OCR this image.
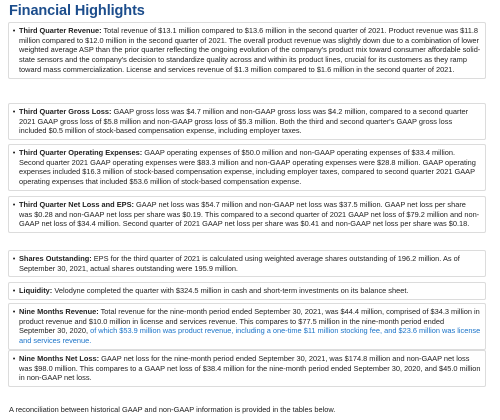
Financial Highlights
• Third Quarter Revenue: Total revenue of $13.1 million compared to $13.6 million in the second quarter of 2021. Product revenue was $11.8 million compared to $12.0 million in the second quarter of 2021. The overall product revenue was slightly down due to a combination of lower weighted average ASP than the prior quarter reflecting the ongoing evolution of the company's product mix toward consumer affordable solid-state sensors and the company's decision to standardize quality across and within its product lines, crucial for its customers as they ramp toward mass commercialization. License and services revenue of $1.3 million compared to $1.6 million in the second quarter of 2021.
• Third Quarter Gross Loss: GAAP gross loss was $4.7 million and non-GAAP gross loss was $4.2 million, compared to a second quarter 2021 GAAP gross loss of $5.8 million and non-GAAP gross loss of $5.3 million. Both the third and second quarter's GAAP gross loss included $0.5 million of stock-based compensation expense, including employer taxes.
• Third Quarter Operating Expenses: GAAP operating expenses of $50.0 million and non-GAAP operating expenses of $33.4 million. Second quarter 2021 GAAP operating expenses were $83.3 million and non-GAAP operating expenses were $28.8 million. GAAP operating expenses included $16.3 million of stock-based compensation expense, including employer taxes, compared to second quarter 2021 GAAP operating expenses that included $53.6 million of stock-based compensation expense.
• Third Quarter Net Loss and EPS: GAAP net loss was $54.7 million and non-GAAP net loss was $37.5 million. GAAP net loss per share was $0.28 and non-GAAP net loss per share was $0.19. This compared to a second quarter of 2021 GAAP net loss of $79.2 million and non-GAAP net loss of $34.4 million. Second quarter of 2021 GAAP net loss per share was $0.41 and non-GAAP net loss per share was $0.18.
• Shares Outstanding: EPS for the third quarter of 2021 is calculated using weighted average shares outstanding of 196.2 million. As of September 30, 2021, actual shares outstanding were 195.9 million.
• Liquidity: Velodyne completed the quarter with $324.5 million in cash and short-term investments on its balance sheet.
• Nine Months Revenue: Total revenue for the nine-month period ended September 30, 2021, was $44.4 million, comprised of $34.3 million in product revenue and $10.0 million in license and services revenue. This compares to $77.5 million in the nine-month period ended September 30, 2020, of which $53.9 million was product revenue, including a one-time $11 million stocking fee, and $23.6 million was license and services revenue.
• Nine Months Net Loss: GAAP net loss for the nine-month period ended September 30, 2021, was $174.8 million and non-GAAP net loss was $98.0 million. This compares to a GAAP net loss of $38.4 million for the nine-month period ended September 30, 2020, and $45.0 million in non-GAAP net loss.
A reconciliation between historical GAAP and non-GAAP information is provided in the tables below.
